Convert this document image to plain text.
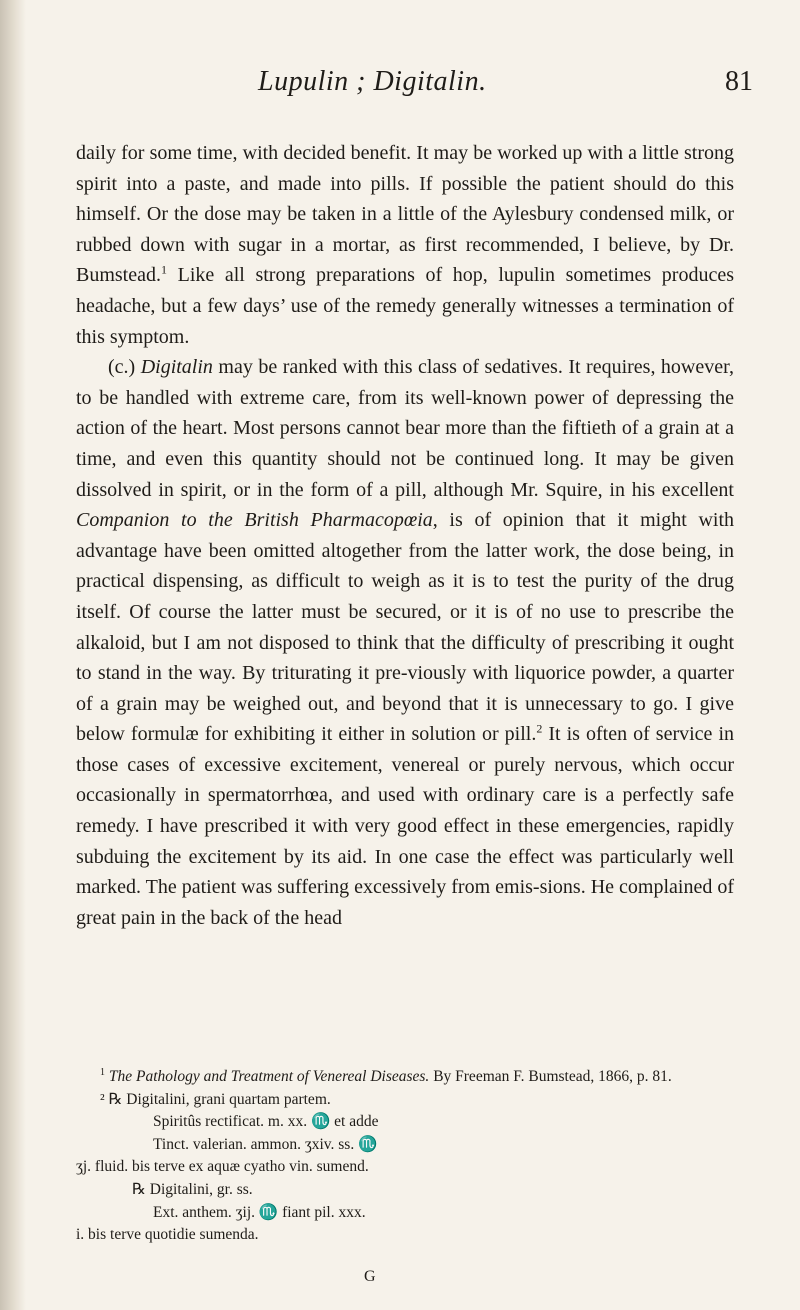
Lupulin ; Digitalin.	81

daily for some time, with decided benefit. It may be worked up with a little strong spirit into a paste, and made into pills. If possible the patient should do this himself. Or the dose may be taken in a little of the Aylesbury condensed milk, or rubbed down with sugar in a mortar, as first recommended, I believe, by Dr. Bumstead.$^1$ Like all strong preparations of hop, lupulin sometimes produces headache, but a few days’ use of the remedy generally witnesses a termination of this symptom.

(c.) Digitalin may be ranked with this class of sedatives. It requires, however, to be handled with extreme care, from its well-known power of depressing the action of the heart. Most persons cannot bear more than the fiftieth of a grain at a time, and even this quantity should not be continued long. It may be given dissolved in spirit, or in the form of a pill, although Mr. Squire, in his excellent Companion to the British Pharmacopœia, is of opinion that it might with advantage have been omitted altogether from the latter work, the dose being, in practical dispensing, as difficult to weigh as it is to test the purity of the drug itself. Of course the latter must be secured, or it is of no use to prescribe the alkaloid, but I am not disposed to think that the difficulty of prescribing it ought to stand in the way. By triturating it pre-viously with liquorice powder, a quarter of a grain may be weighed out, and beyond that it is unnecessary to go. I give below formulæ for exhibiting it either in solution or pill.$^2$ It is often of service in those cases of excessive excitement, venereal or purely nervous, which occur occasionally in spermatorrhœa, and used with ordinary care is a perfectly safe remedy. I have prescribed it with very good effect in these emergencies, rapidly subduing the excitement by its aid. In one case the effect was particularly well marked. The patient was suffering excessively from emis-sions. He complained of great pain in the back of the head

$^1$ The Pathology and Treatment of Venereal Diseases. By Freeman F. Bumstead, 1866, p. 81.

² ℞ Digitalini, grani quartam partem.
Spiritûs rectificat. m. xx. ♏ et adde
Tinct. valerian. ammon. ʒxiv. ss. ♏
ʒj. fluid. bis terve ex aquæ cyatho vin. sumend.
℞ Digitalini, gr. ss.
Ext. anthem. ʒij. ♏ fiant pil. xxx.
i. bis terve quotidie sumenda.
G
